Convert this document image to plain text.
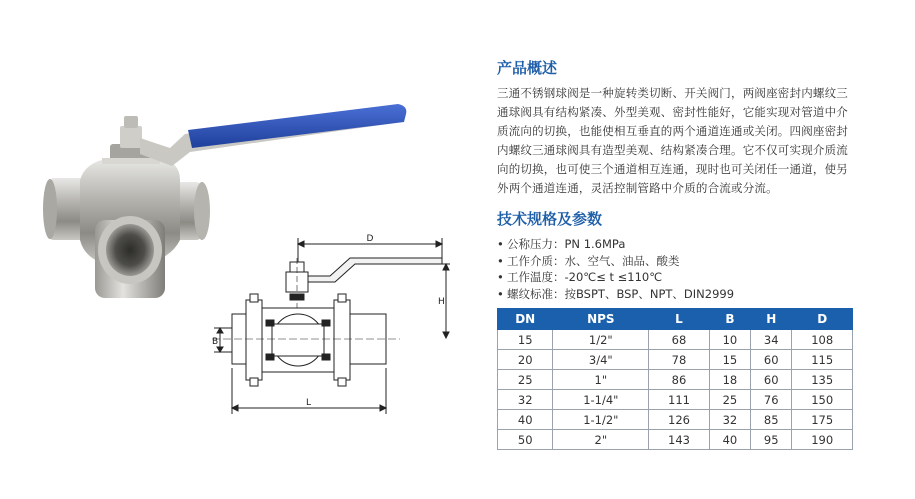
D
H
B
L
产品概述
三通不锈钢球阀是一种旋转类切断、开关阀门，两阀座密封内螺纹三通球阀具有结构紧凑、外型美观、密封性能好，它能实现对管道中介质流向的切换，也能使相互垂直的两个通道连通或关闭。四阀座密封内螺纹三通球阀具有造型美观、结构紧凑合理。它不仅可实现介质流向的切换，也可使三个通道相互连通，现时也可关闭任一通道，使另外两个通道连通，灵活控制管路中介质的合流或分流。
技术规格及参数
• 公称压力：PN 1.6MPa
• 工作介质：水、空气、油品、酸类
• 工作温度：-20℃≤ t ≤110℃
• 螺纹标准：按BSPT、BSP、NPT、DIN2999
DN	NPS	L	B	H	D
15	1/2"	68	10	34	108
20	3/4"	78	15	60	115
25	1"	86	18	60	135
32	1-1/4"	111	25	76	150
40	1-1/2"	126	32	85	175
50	2"	143	40	95	190
